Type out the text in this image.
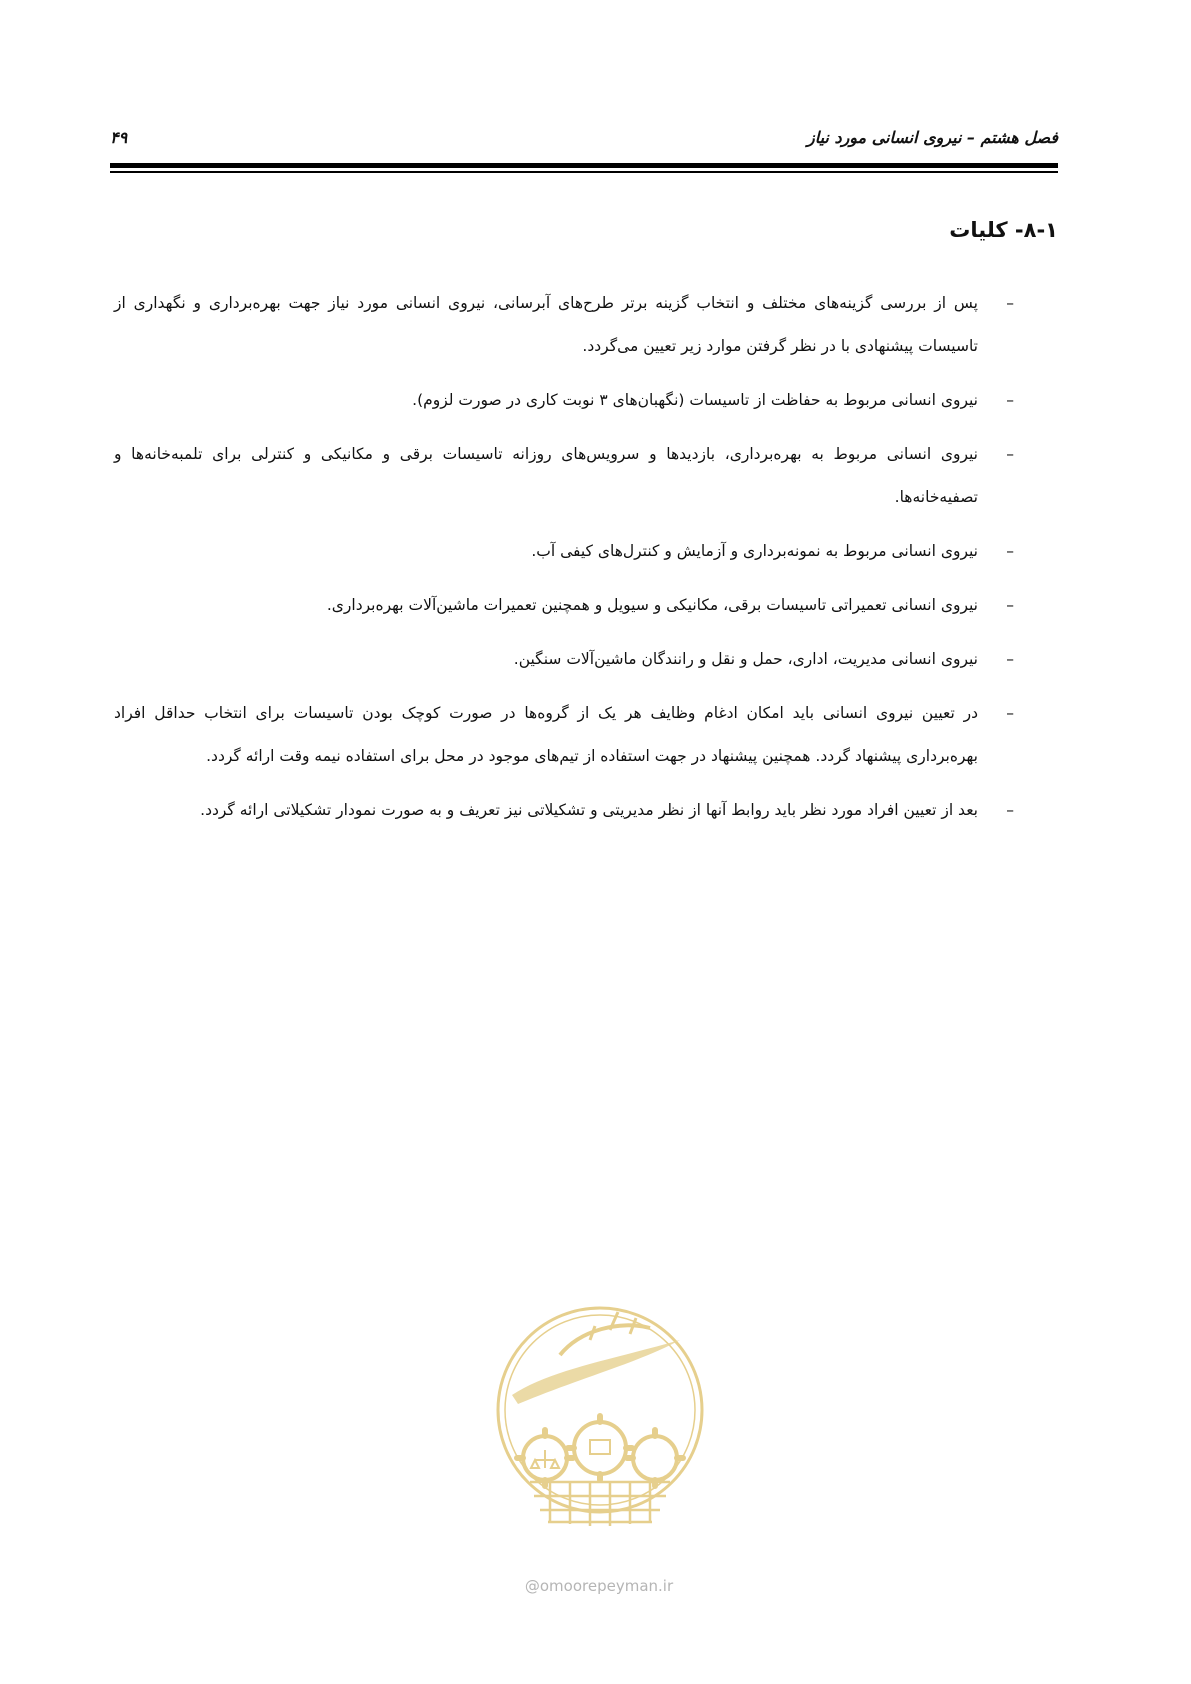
فصل هشتم – نیروی انسانی مورد نیاز
۴۹
۸-۱- کلیات
–
پس از بررسی گزینه‌های مختلف و انتخاب گزینه برتر طرح‌های آبرسانی، نیروی انسانی مورد نیاز جهت بهره‌برداری و نگهداری از تاسیسات پیشنهادی با در نظر گرفتن موارد زیر تعیین می‌گردد.
–
نیروی انسانی مربوط به حفاظت از تاسیسات (نگهبان‌های ۳ نوبت کاری در صورت لزوم).
–
نیروی انسانی مربوط به بهره‌برداری، بازدیدها و سرویس‌های روزانه تاسیسات برقی و مکانیکی و کنترلی برای تلمبه‌خانه‌ها و تصفیه‌خانه‌ها.
–
نیروی انسانی مربوط به نمونه‌برداری و آزمایش و کنترل‌های کیفی آب.
–
نیروی انسانی تعمیراتی تاسیسات برقی، مکانیکی و سیویل و همچنین تعمیرات ماشین‌آلات بهره‌برداری.
–
نیروی انسانی مدیریت، اداری، حمل و نقل و رانندگان ماشین‌آلات سنگین.
–
در تعیین نیروی انسانی باید امکان ادغام وظایف هر یک از گروه‌ها در صورت کوچک بودن تاسیسات برای انتخاب حداقل افراد بهره‌برداری پیشنهاد گردد. همچنین پیشنهاد در جهت استفاده از تیم‌های موجود در محل برای استفاده نیمه وقت ارائه گردد.
–
بعد از تعیین افراد مورد نظر باید روابط آنها از نظر مدیریتی و تشکیلاتی نیز تعریف و به صورت نمودار تشکیلاتی ارائه گردد.
@omoorepeyman.ir
